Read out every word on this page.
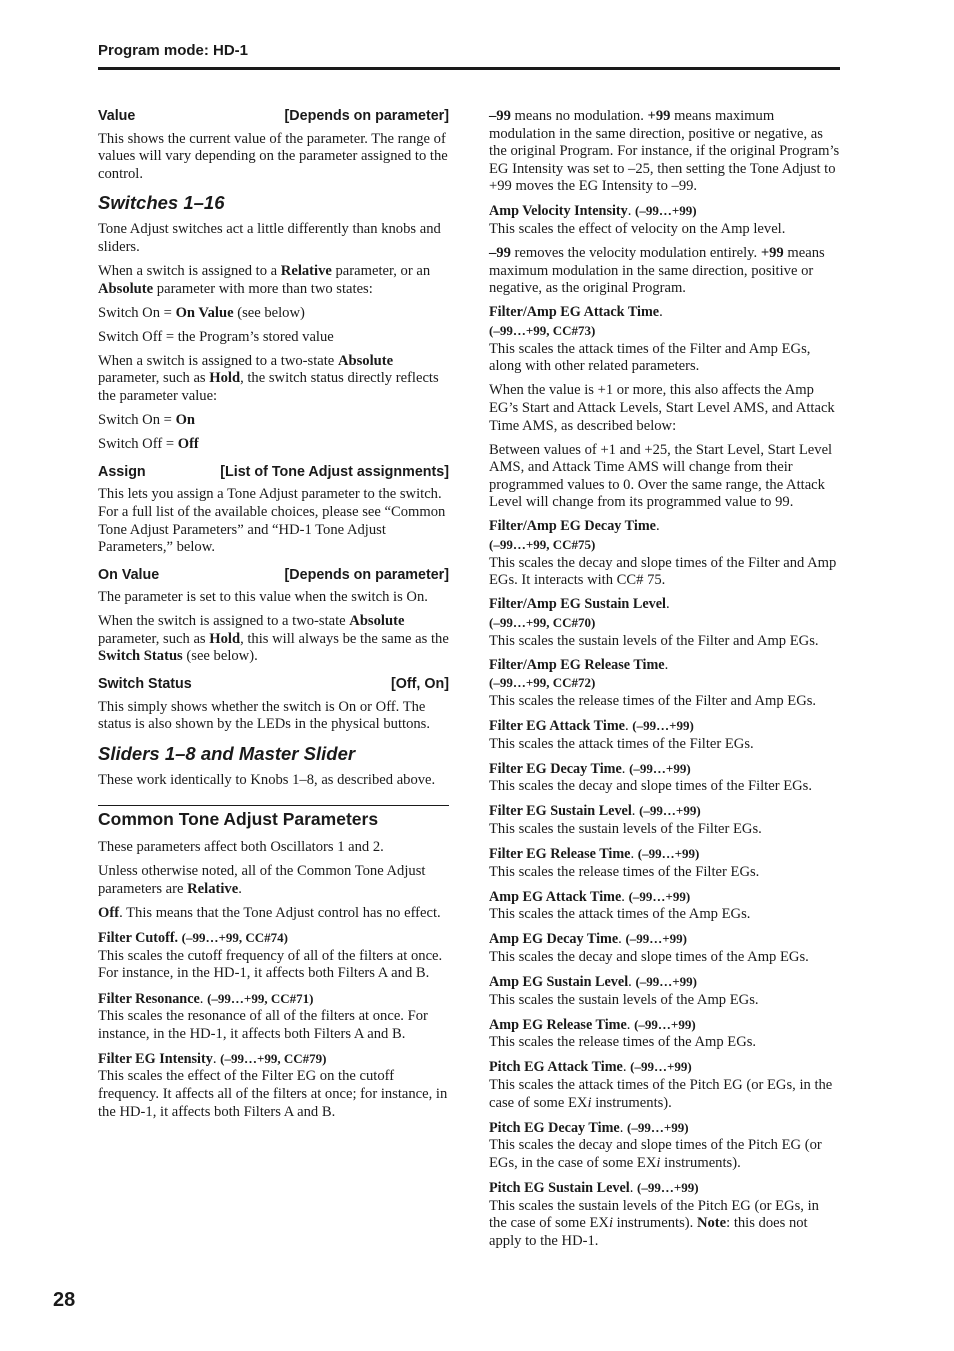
Program mode: HD-1
Value	[Depends on parameter]

This shows the current value of the parameter. The range of values will vary depending on the parameter assigned to the control.

Switches 1–16

Tone Adjust switches act a little differently than knobs and sliders.

When a switch is assigned to a Relative parameter, or an Absolute parameter with more than two states:

Switch On = On Value (see below)

Switch Off = the Program’s stored value

When a switch is assigned to a two-state Absolute parameter, such as Hold, the switch status directly reflects the parameter value:

Switch On = On

Switch Off = Off

Assign	[List of Tone Adjust assignments]

This lets you assign a Tone Adjust parameter to the switch. For a full list of the available choices, please see “Common Tone Adjust Parameters” and “HD-1 Tone Adjust Parameters,” below.

On Value	[Depends on parameter]

The parameter is set to this value when the switch is On.

When the switch is assigned to a two-state Absolute parameter, such as Hold, this will always be the same as the Switch Status (see below).

Switch Status	[Off, On]

This simply shows whether the switch is On or Off. The status is also shown by the LEDs in the physical buttons.

Sliders 1–8 and Master Slider

These work identically to Knobs 1–8, as described above.

Common Tone Adjust Parameters

These parameters affect both Oscillators 1 and 2.

Unless otherwise noted, all of the Common Tone Adjust parameters are Relative.

Off. This means that the Tone Adjust control has no effect.

Filter Cutoff. (–99…+99, CC#74)
This scales the cutoff frequency of all of the filters at once. For instance, in the HD-1, it affects both Filters A and B.
Filter Resonance. (–99…+99, CC#71)
This scales the resonance of all of the filters at once. For instance, in the HD-1, it affects both Filters A and B.
Filter EG Intensity. (–99…+99, CC#79)
This scales the effect of the Filter EG on the cutoff frequency. It affects all of the filters at once; for instance, in the HD-1, it affects both Filters A and B.

–99 means no modulation. +99 means maximum modulation in the same direction, positive or negative, as the original Program. For instance, if the original Program’s EG Intensity was set to –25, then setting the Tone Adjust to +99 moves the EG Intensity to –99.

Amp Velocity Intensity. (–99…+99)
This scales the effect of velocity on the Amp level.

–99 removes the velocity modulation entirely. +99 means maximum modulation in the same direction, positive or negative, as the original Program.

Filter/Amp EG Attack Time.
(–99…+99, CC#73)
This scales the attack times of the Filter and Amp EGs, along with other related parameters.

When the value is +1 or more, this also affects the Amp EG’s Start and Attack Levels, Start Level AMS, and Attack Time AMS, as described below:

Between values of +1 and +25, the Start Level, Start Level AMS, and Attack Time AMS will change from their programmed values to 0. Over the same range, the Attack Level will change from its programmed value to 99.

Filter/Amp EG Decay Time.
(–99…+99, CC#75)
This scales the decay and slope times of the Filter and Amp EGs. It interacts with CC# 75.
Filter/Amp EG Sustain Level.
(–99…+99, CC#70)
This scales the sustain levels of the Filter and Amp EGs.
Filter/Amp EG Release Time.
(–99…+99, CC#72)
This scales the release times of the Filter and Amp EGs.
Filter EG Attack Time. (–99…+99)
This scales the attack times of the Filter EGs.
Filter EG Decay Time. (–99…+99)
This scales the decay and slope times of the Filter EGs.
Filter EG Sustain Level. (–99…+99)
This scales the sustain levels of the Filter EGs.
Filter EG Release Time. (–99…+99)
This scales the release times of the Filter EGs.
Amp EG Attack Time. (–99…+99)
This scales the attack times of the Amp EGs.
Amp EG Decay Time. (–99…+99)
This scales the decay and slope times of the Amp EGs.
Amp EG Sustain Level. (–99…+99)
This scales the sustain levels of the Amp EGs.
Amp EG Release Time. (–99…+99)
This scales the release times of the Amp EGs.
Pitch EG Attack Time. (–99…+99)
This scales the attack times of the Pitch EG (or EGs, in the case of some EXi instruments).
Pitch EG Decay Time. (–99…+99)
This scales the decay and slope times of the Pitch EG (or EGs, in the case of some EXi instruments).
Pitch EG Sustain Level. (–99…+99)
This scales the sustain levels of the Pitch EG (or EGs, in the case of some EXi instruments). Note: this does not apply to the HD-1.
28
